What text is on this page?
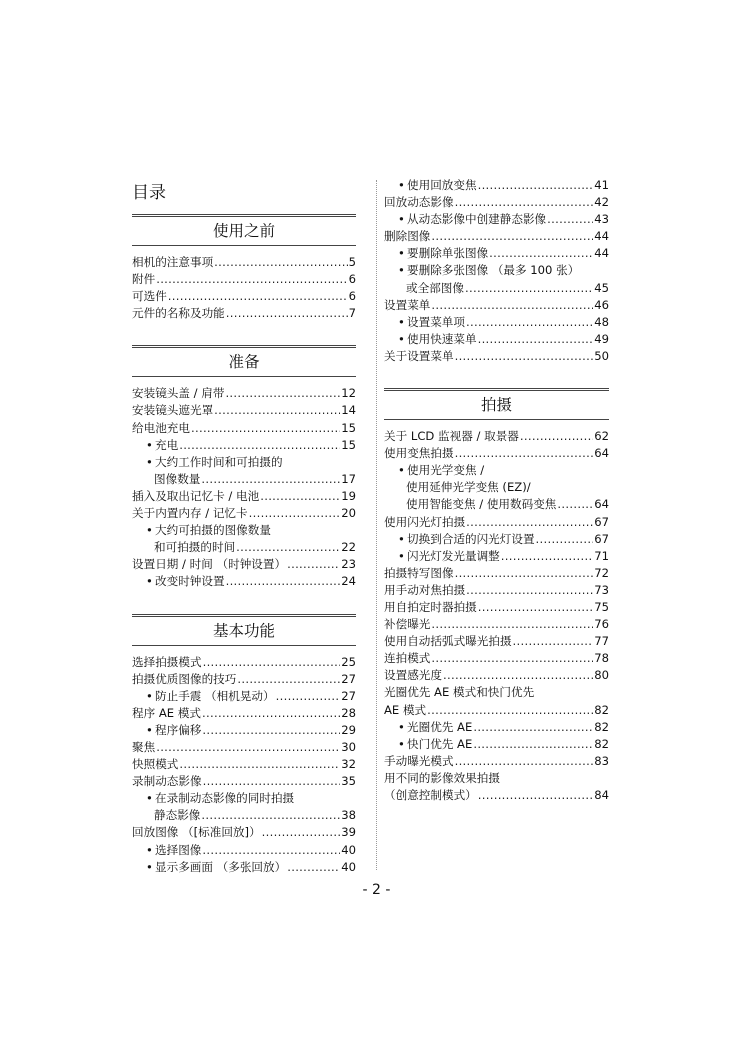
目录
使用之前
相机的注意事项 .....	5
附件 .....	6
可选件 .....	6
元件的名称及功能 .....	7
准备
安装镜头盖 / 肩带 .....	12
安装镜头遮光罩 .....	14
给电池充电 .....	15
• 充电 .....	15
• 大约工作时间和可拍摄的
图像数量 .....	17
插入及取出记忆卡 / 电池 .....	19
关于内置内存 / 记忆卡 .....	20
• 大约可拍摄的图像数量
和可拍摄的时间 .....	22
设置日期 / 时间 （时钟设置） .....	23
• 改变时钟设置 .....	24
基本功能
选择拍摄模式 .....	25
拍摄优质图像的技巧 .....	27
• 防止手震 （相机晃动） .....	27
程序 AE 模式 .....	28
• 程序偏移 .....	29
聚焦 .....	30
快照模式 .....	32
录制动态影像 .....	35
• 在录制动态影像的同时拍摄
静态影像 .....	38
回放图像 （[标准回放]） .....	39
• 选择图像 .....	40
• 显示多画面 （多张回放） .....	40
• 使用回放变焦 .....	41
回放动态影像 .....	42
• 从动态影像中创建静态影像 .....	43
删除图像 .....	44
• 要删除单张图像 .....	44
• 要删除多张图像 （最多 100 张）
或全部图像 .....	45
设置菜单 .....	46
• 设置菜单项 .....	48
• 使用快速菜单 .....	49
关于设置菜单 .....	50
拍摄
关于 LCD 监视器 / 取景器 .....	62
使用变焦拍摄 .....	64
• 使用光学变焦 /
使用延伸光学变焦 (EZ)/
使用智能变焦 / 使用数码变焦 .....	64
使用闪光灯拍摄 .....	67
• 切换到合适的闪光灯设置 .....	67
• 闪光灯发光量调整 .....	71
拍摄特写图像 .....	72
用手动对焦拍摄 .....	73
用自拍定时器拍摄 .....	75
补偿曝光 .....	76
使用自动括弧式曝光拍摄 .....	77
连拍模式 .....	78
设置感光度 .....	80
光圈优先 AE 模式和快门优先
AE 模式 .....	82
• 光圈优先 AE .....	82
• 快门优先 AE .....	82
手动曝光模式 .....	83
用不同的影像效果拍摄
（创意控制模式） .....	84
- 2 -
